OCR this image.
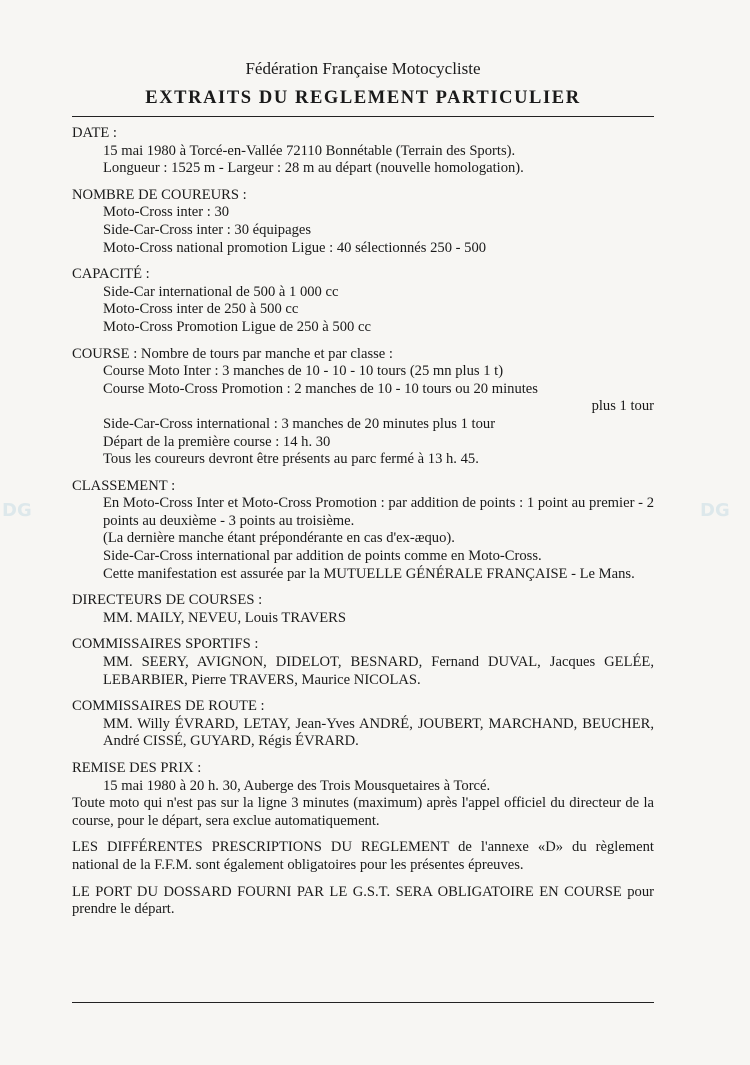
DG	DG

Fédération Française Motocycliste

EXTRAITS DU REGLEMENT PARTICULIER

DATE :

15 mai 1980 à Torcé-en-Vallée 72110 Bonnétable (Terrain des Sports).

Longueur : 1525 m - Largeur : 28 m au départ (nouvelle homologation).

NOMBRE DE COUREURS :

Moto-Cross inter : 30

Side-Car-Cross inter : 30 équipages

Moto-Cross national promotion Ligue : 40 sélectionnés 250 - 500

CAPACITÉ :

Side-Car international de 500 à 1 000 cc

Moto-Cross inter de 250 à 500 cc

Moto-Cross Promotion Ligue de 250 à 500 cc

COURSE : Nombre de tours par manche et par classe :

Course Moto Inter : 3 manches de 10 - 10 - 10 tours (25 mn plus 1 t)

Course Moto-Cross Promotion : 2 manches de 10 - 10 tours ou 20 minutes

plus 1 tour

Side-Car-Cross international : 3 manches de 20 minutes plus 1 tour

Départ de la première course : 14 h. 30

Tous les coureurs devront être présents au parc fermé à 13 h. 45.

CLASSEMENT :

En Moto-Cross Inter et Moto-Cross Promotion : par addition de points : 1 point au premier - 2 points au deuxième - 3 points au troisième.

(La dernière manche étant prépondérante en cas d'ex-æquo).

Side-Car-Cross international par addition de points comme en Moto-Cross.

Cette manifestation est assurée par la MUTUELLE GÉNÉRALE FRANÇAISE - Le Mans.

DIRECTEURS DE COURSES :

MM. MAILY, NEVEU, Louis TRAVERS

COMMISSAIRES SPORTIFS :

MM. SEERY, AVIGNON, DIDELOT, BESNARD, Fernand DUVAL, Jacques GELÉE, LEBARBIER, Pierre TRAVERS, Maurice NICOLAS.

COMMISSAIRES DE ROUTE :

MM. Willy ÉVRARD, LETAY, Jean-Yves ANDRÉ, JOUBERT, MARCHAND, BEUCHER, André CISSÉ, GUYARD, Régis ÉVRARD.

REMISE DES PRIX :

15 mai 1980 à 20 h. 30, Auberge des Trois Mousquetaires à Torcé.

Toute moto qui n'est pas sur la ligne 3 minutes (maximum) après l'appel officiel du directeur de la course, pour le départ, sera exclue automatiquement.

LES DIFFÉRENTES PRESCRIPTIONS DU REGLEMENT de l'annexe «D» du règlement national de la F.F.M. sont également obligatoires pour les présentes épreuves.

LE PORT DU DOSSARD FOURNI PAR LE G.S.T. SERA OBLIGATOIRE EN COURSE pour prendre le départ.
